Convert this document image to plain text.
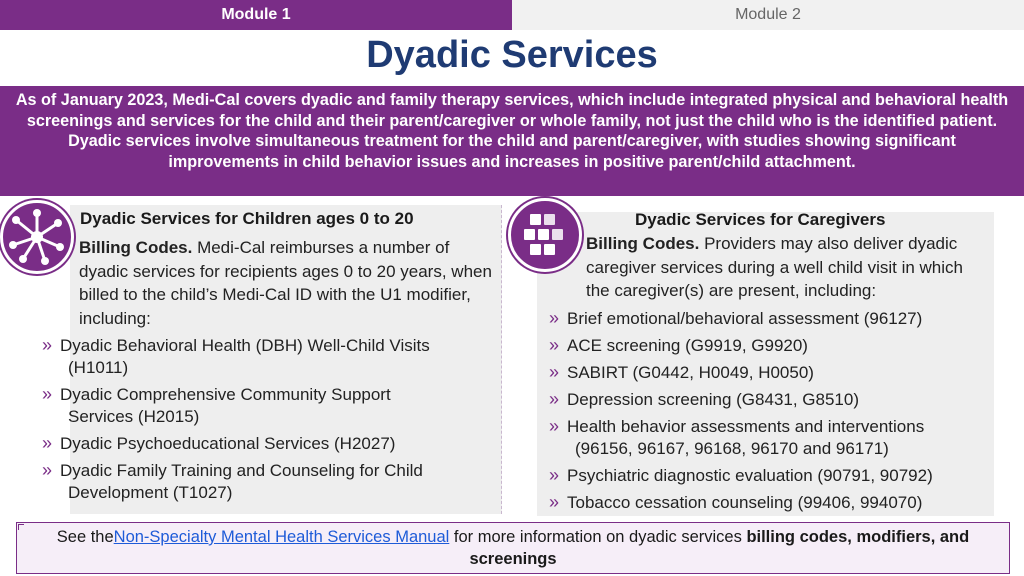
Module 1	Module 2
Dyadic Services
As of January 2023, Medi-Cal covers dyadic and family therapy services, which include integrated physical and behavioral health screenings and services for the child and their parent/caregiver or whole family, not just the child who is the identified patient. Dyadic services involve simultaneous treatment for the child and parent/caregiver, with studies showing significant improvements in child behavior issues and increases in positive parent/child attachment.
Dyadic Services for Children ages 0 to 20
Billing Codes. Medi-Cal reimburses a number of dyadic services for recipients ages 0 to 20 years, when billed to the child’s Medi-Cal ID with the U1 modifier, including:
» Dyadic Behavioral Health (DBH) Well-Child Visits
(H1011)
» Dyadic Comprehensive Community Support
Services (H2015)
» Dyadic Psychoeducational Services (H2027)
» Dyadic Family Training and Counseling for Child
Development (T1027)
Dyadic Services for Caregivers
Billing Codes. Providers may also deliver dyadic caregiver services during a well child visit in which the caregiver(s) are present, including:
» Brief emotional/behavioral assessment (96127)
» ACE screening (G9919, G9920)
» SABIRT (G0442, H0049, H0050)
» Depression screening (G8431, G8510)
» Health behavior assessments and interventions
(96156, 96167, 96168, 96170 and 96171)
» Psychiatric diagnostic evaluation (90791, 90792)
» Tobacco cessation counseling (99406, 994070)
See theNon-Specialty Mental Health Services Manual for more information on dyadic services billing codes, modifiers, and screenings
